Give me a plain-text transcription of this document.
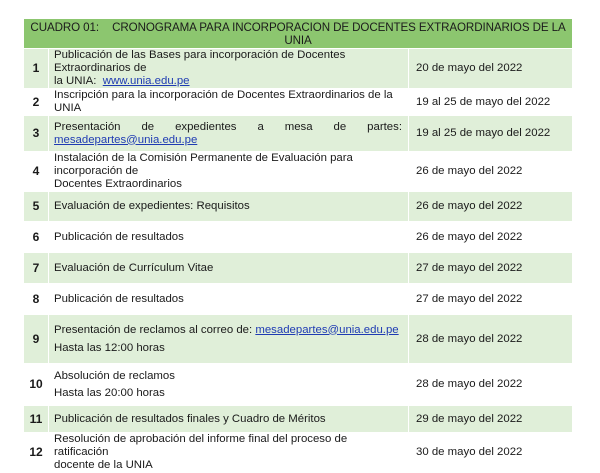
CUADRO 01: CRONOGRAMA PARA INCORPORACION DE DOCENTES EXTRAORDINARIOS DE LA UNIA		
1	Publicación de las Bases para incorporación de Docentes Extraordinarios de
la UNIA: www.unia.edu.pe	20 de mayo del 2022
2	Inscripción para la incorporación de Docentes Extraordinarios de la UNIA	19 al 25 de mayo del 2022
3	Presentación de expedientes a mesa de partes:
mesadepartes@unia.edu.pe	19 al 25 de mayo del 2022
4	Instalación de la Comisión Permanente de Evaluación para incorporación de
Docentes Extraordinarios	26 de mayo del 2022
5	Evaluación de expedientes: Requisitos	26 de mayo del 2022
6	Publicación de resultados	26 de mayo del 2022
7	Evaluación de Currículum Vitae	27 de mayo del 2022
8	Publicación de resultados	27 de mayo del 2022
9	Presentación de reclamos al correo de: mesadepartes@unia.edu.pe
Hasta las 12:00 horas	28 de mayo del 2022
10	Absolución de reclamos
Hasta las 20:00 horas	28 de mayo del 2022
11	Publicación de resultados finales y Cuadro de Méritos	29 de mayo del 2022
12	Resolución de aprobación del informe final del proceso de ratificación
docente de la UNIA	30 de mayo del 2022
